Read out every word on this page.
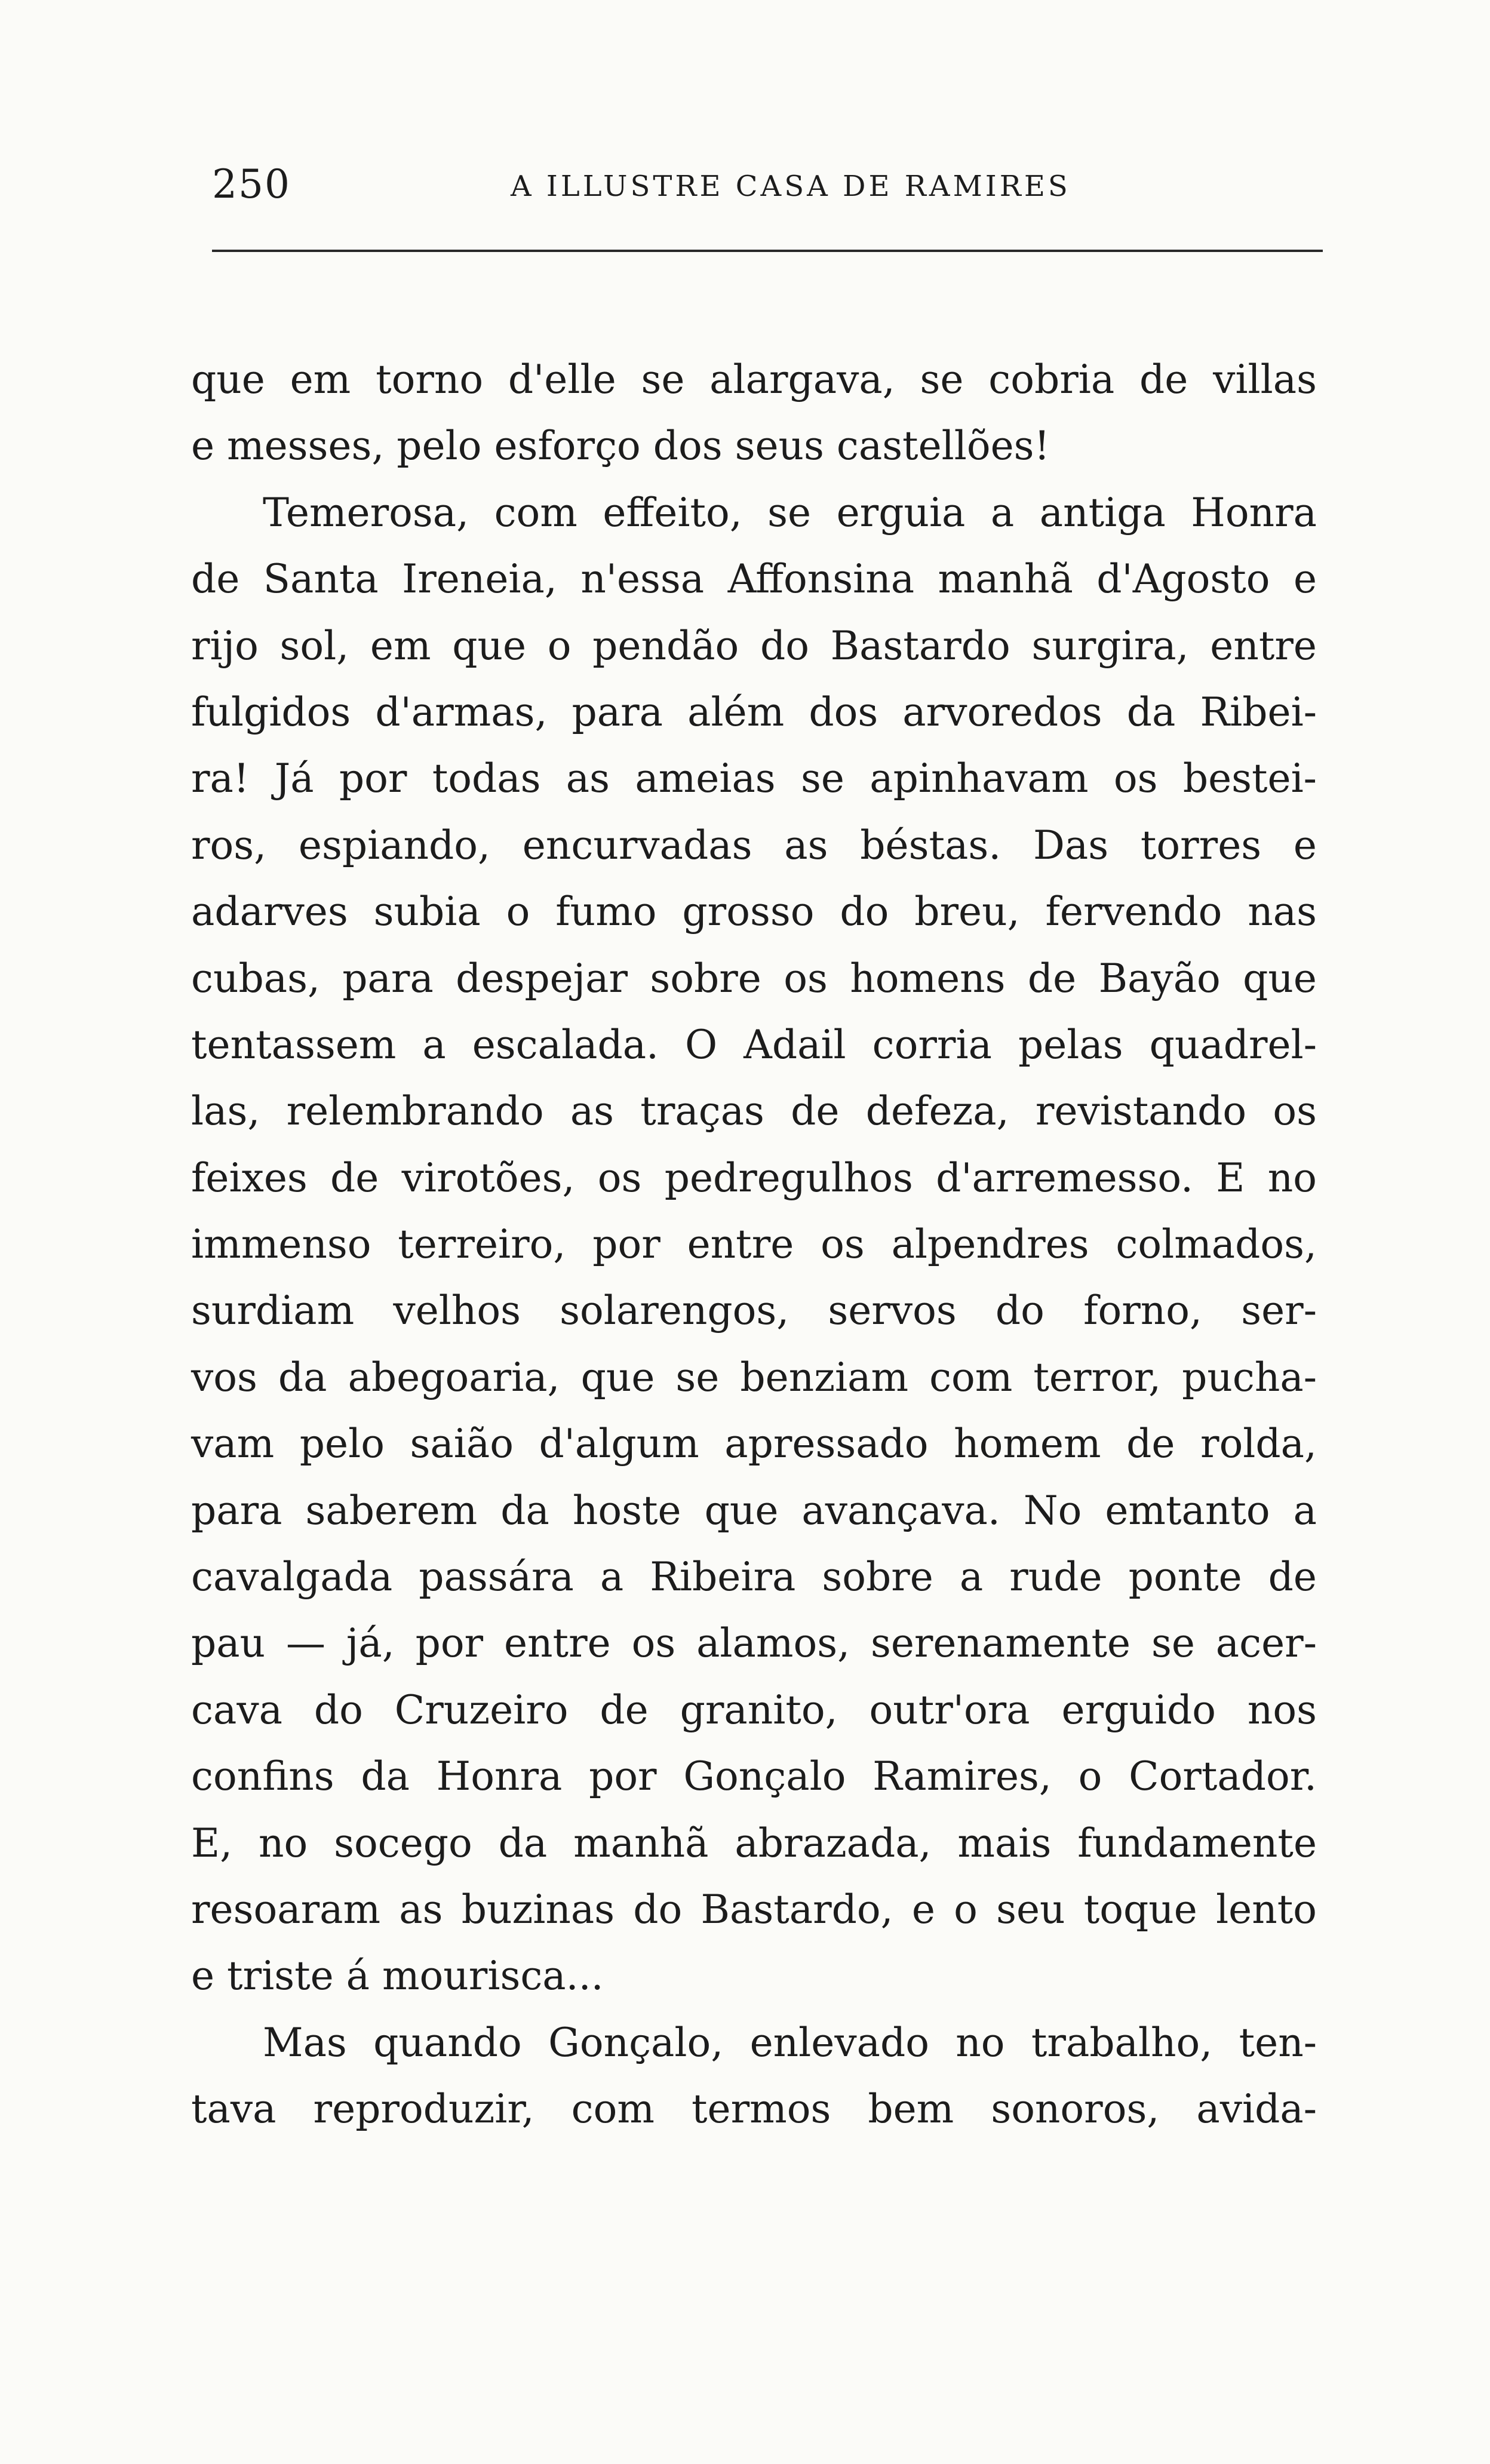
250	A ILLUSTRE CASA DE RAMIRES
que em torno d'elle se alargava, se cobria de villas
e messes, pelo esforço dos seus castellões!
Temerosa, com effeito, se erguia a antiga Honra
de Santa Ireneia, n'essa Affonsina manhã d'Agosto e
rijo sol, em que o pendão do Bastardo surgira, entre
fulgidos d'armas, para além dos arvoredos da Ribei-
ra! Já por todas as ameias se apinhavam os bestei-
ros, espiando, encurvadas as béstas. Das torres e
adarves subia o fumo grosso do breu, fervendo nas
cubas, para despejar sobre os homens de Bayão que
tentassem a escalada. O Adail corria pelas quadrel-
las, relembrando as traças de defeza, revistando os
feixes de virotões, os pedregulhos d'arremesso. E no
immenso terreiro, por entre os alpendres colmados,
surdiam velhos solarengos, servos do forno, ser-
vos da abegoaria, que se benziam com terror, pucha-
vam pelo saião d'algum apressado homem de rolda,
para saberem da hoste que avançava. No emtanto a
cavalgada passára a Ribeira sobre a rude ponte de
pau — já, por entre os alamos, serenamente se acer-
cava do Cruzeiro de granito, outr'ora erguido nos
confins da Honra por Gonçalo Ramires, o Cortador.
E, no socego da manhã abrazada, mais fundamente
resoaram as buzinas do Bastardo, e o seu toque lento
e triste á mourisca...
Mas quando Gonçalo, enlevado no trabalho, ten-
tava reproduzir, com termos bem sonoros, avida-
